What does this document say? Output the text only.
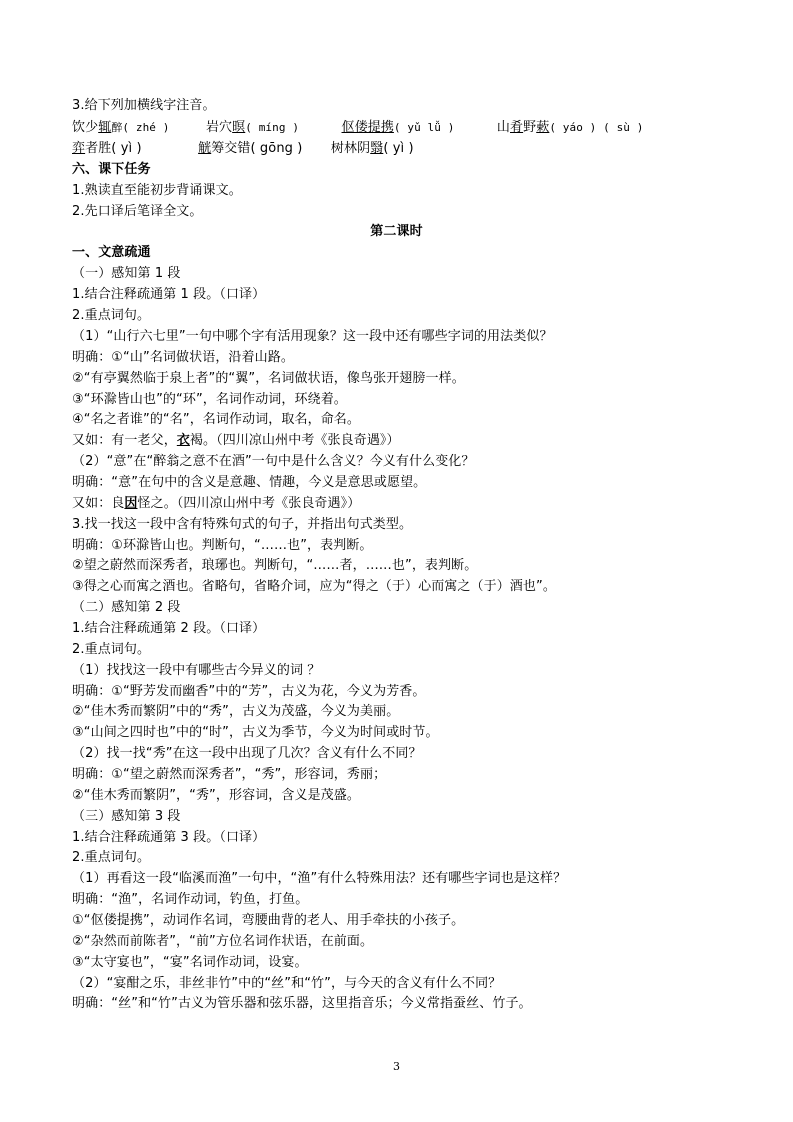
3.给下列加横线字注音。
饮少辄醉( zhé )	岩穴暝( míng )	伛偻提携( yǔ lǚ )	山肴野蔌( yáo ) ( sù )
弈者胜( yì )	觥筹交错( gōng ) 树林阴翳( yì )
六、课下任务
1.熟读直至能初步背诵课文。
2.先口译后笔译全文。
第二课时
一、文意疏通
（一）感知第 1 段
1.结合注释疏通第 1 段。（口译）
2.重点词句。
（1）“山行六七里”一句中哪个字有活用现象？这一段中还有哪些字词的用法类似？
明确：①“山”名词做状语，沿着山路。
②“有亭翼然临于泉上者”的“翼”，名词做状语，像鸟张开翅膀一样。
③“环滁皆山也”的“环”，名词作动词，环绕着。
④“名之者谁”的“名”，名词作动词，取名，命名。
又如：有一老父，衣褐。（四川凉山州中考《张良奇遇》）
（2）“意”在“醉翁之意不在酒”一句中是什么含义？今义有什么变化？
明确：“意”在句中的含义是意趣、情趣，今义是意思或愿望。
又如：良因怪之。（四川凉山州中考《张良奇遇》）
3.找一找这一段中含有特殊句式的句子，并指出句式类型。
明确：①环滁皆山也。判断句，“……也”，表判断。
②望之蔚然而深秀者，琅琊也。判断句，“……者，……也”，表判断。
③得之心而寓之酒也。省略句，省略介词，应为“得之（于）心而寓之（于）酒也”。
（二）感知第 2 段
1.结合注释疏通第 2 段。（口译）
2.重点词句。
（1）找找这一段中有哪些古今异义的词 ？
明确：①“野芳发而幽香”中的“芳”，古义为花，今义为芳香。
②“佳木秀而繁阴”中的“秀”，古义为茂盛，今义为美丽。
③“山间之四时也”中的“时”，古义为季节，今义为时间或时节。
（2）找一找“秀”在这一段中出现了几次？含义有什么不同？
明确：①“望之蔚然而深秀者”，“秀”，形容词，秀丽；
②“佳木秀而繁阴”，“秀”，形容词，含义是茂盛。
（三）感知第 3 段
1.结合注释疏通第 3 段。（口译）
2.重点词句。
（1）再看这一段“临溪而渔”一句中，“渔”有什么特殊用法？还有哪些字词也是这样？
明确：“渔”，名词作动词，钓鱼，打鱼。
①“伛偻提携”，动词作名词，弯腰曲背的老人、用手牵扶的小孩子。
②“杂然而前陈者”，“前”方位名词作状语，在前面。
③“太守宴也”，“宴”名词作动词，设宴。
（2）“宴酣之乐，非丝非竹”中的“丝”和“竹”，与今天的含义有什么不同？
明确：“丝”和“竹”古义为管乐器和弦乐器，这里指音乐；今义常指蚕丝、竹子。
3
